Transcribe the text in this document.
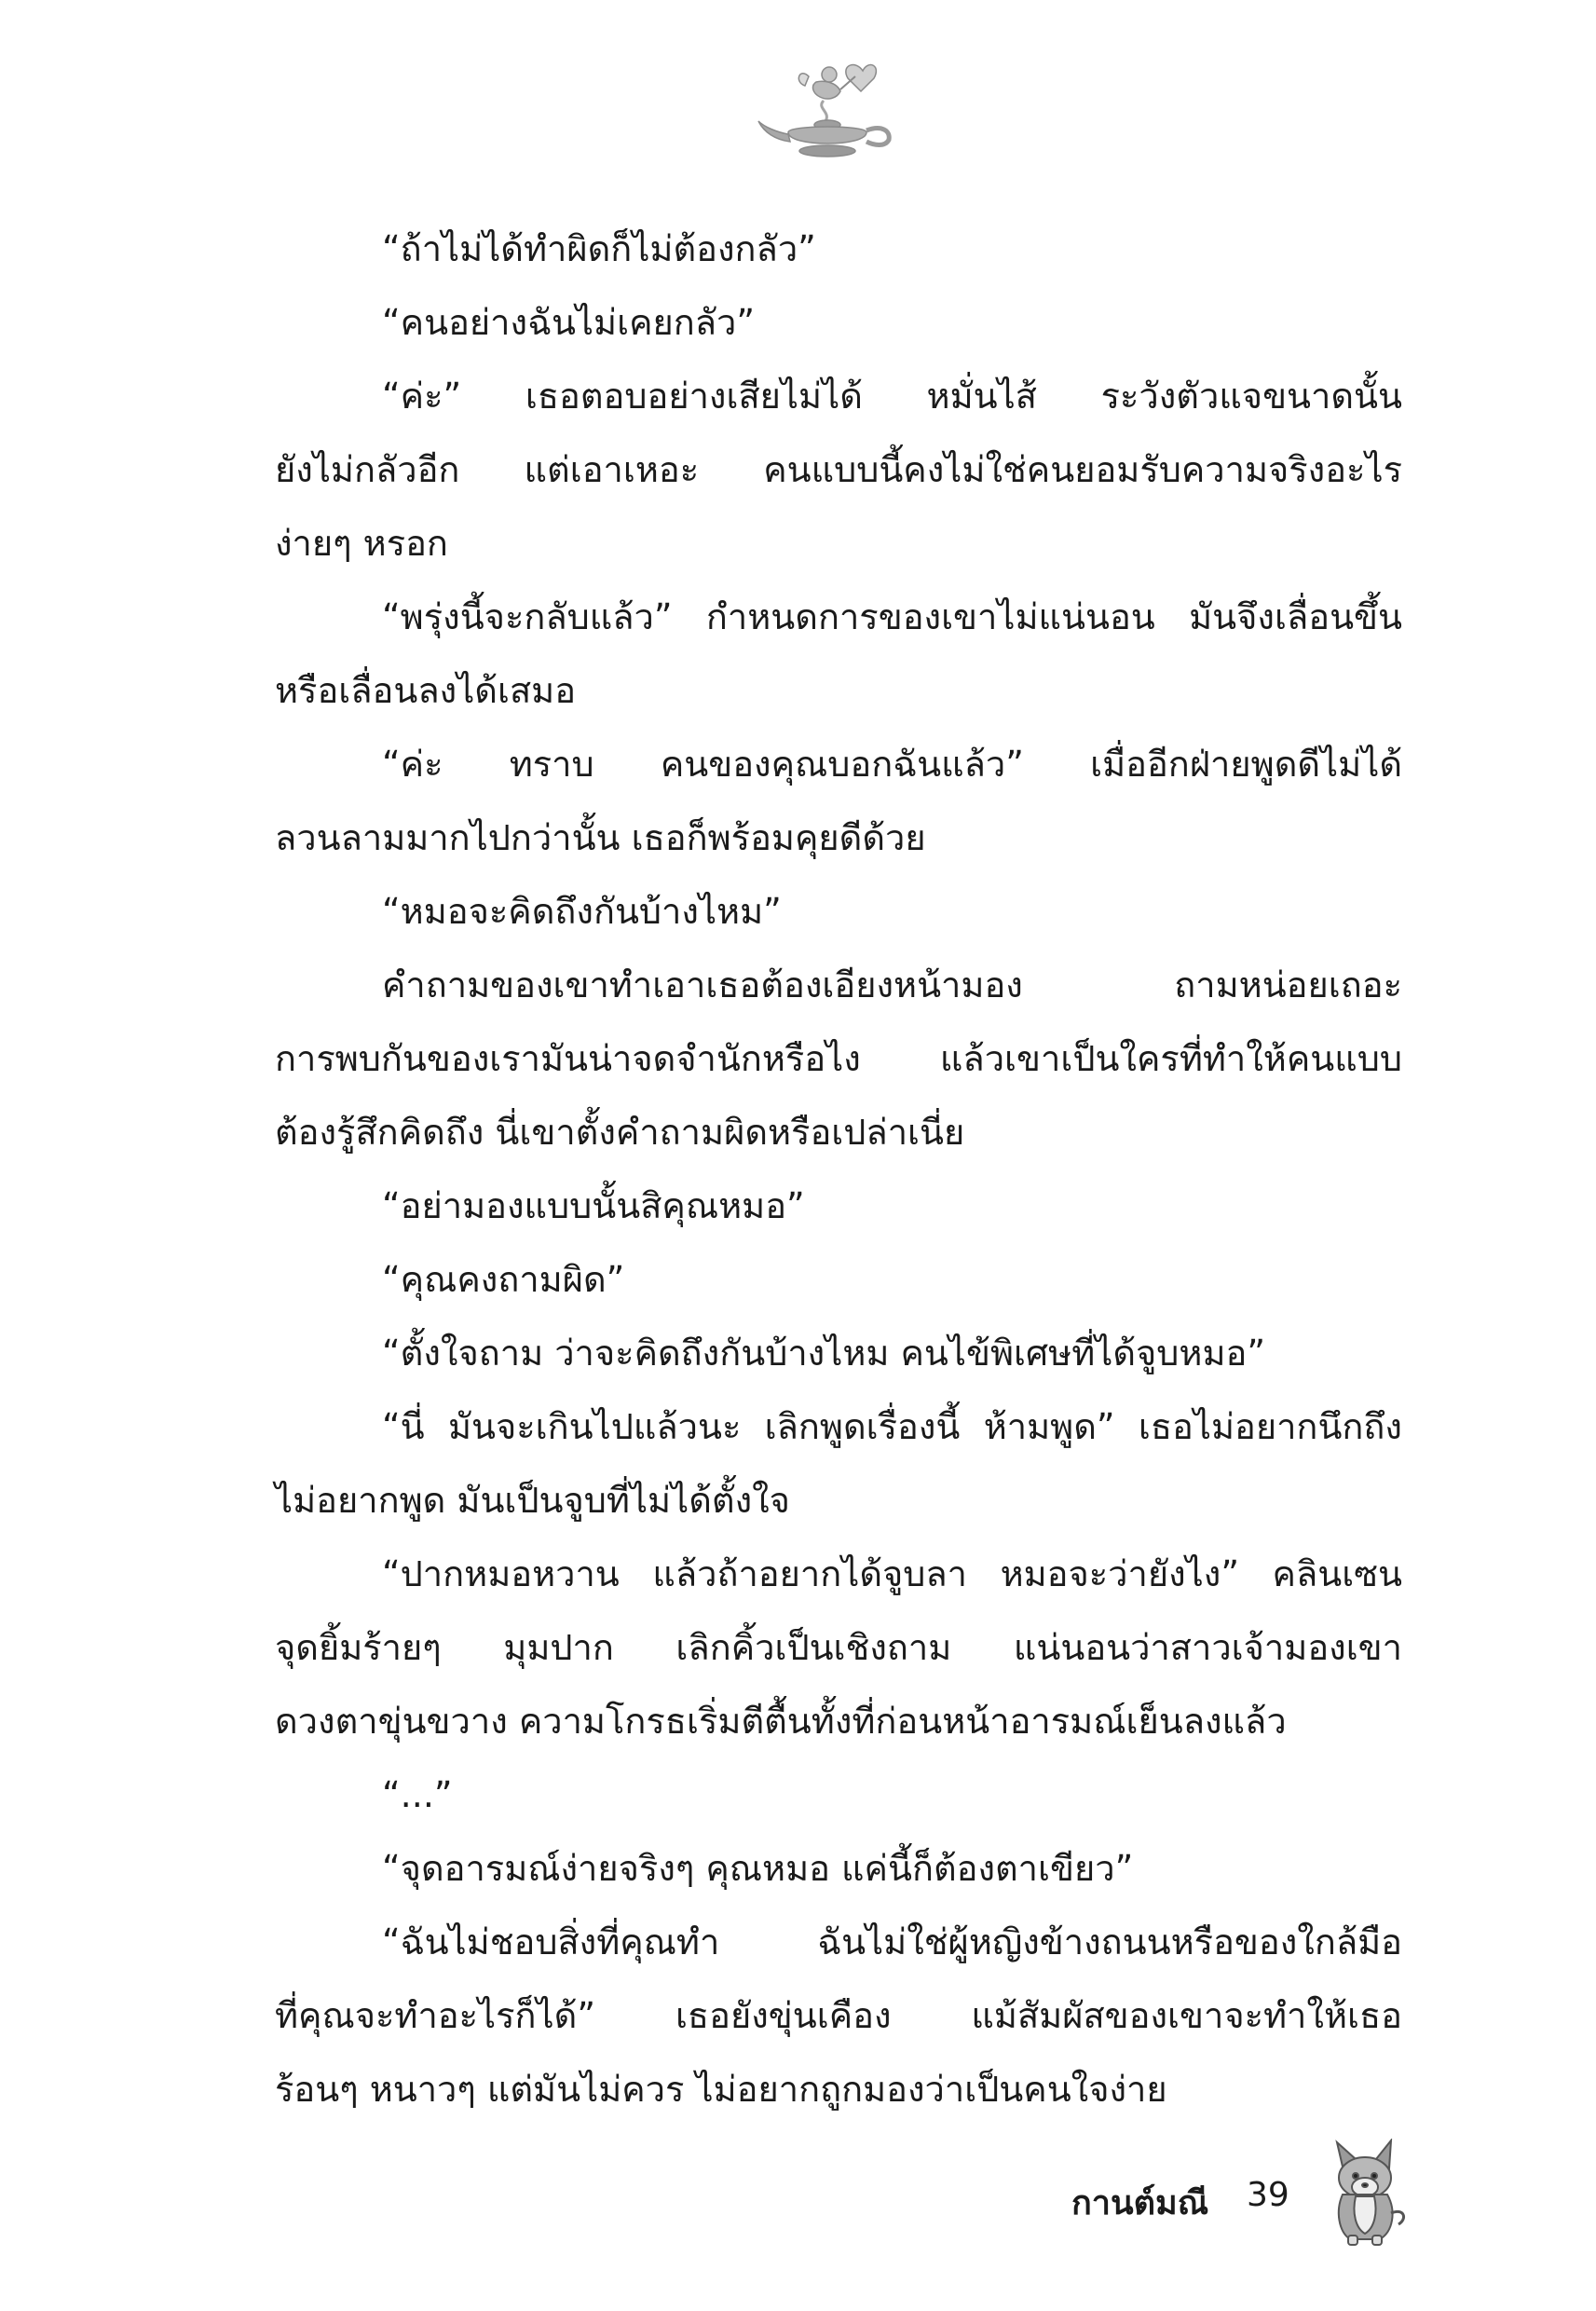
“ถ้าไม่ได้ทำผิดก็ไม่ต้องกลัว”
“คนอย่างฉันไม่เคยกลัว”
“ค่ะ” เธอตอบอย่างเสียไม่ได้ หมั่นไส้ ระวังตัวแจขนาดนั้น
ยังไม่กลัวอีก แต่เอาเหอะ คนแบบนี้คงไม่ใช่คนยอมรับความจริงอะไร
ง่ายๆ หรอก
“พรุ่งนี้จะกลับแล้ว” กำหนดการของเขาไม่แน่นอน มันจึงเลื่อนขึ้น
หรือเลื่อนลงได้เสมอ
“ค่ะ ทราบ คนของคุณบอกฉันแล้ว” เมื่ออีกฝ่ายพูดดีไม่ได้
ลวนลามมากไปกว่านั้น เธอก็พร้อมคุยดีด้วย
“หมอจะคิดถึงกันบ้างไหม”
คำถามของเขาทำเอาเธอต้องเอียงหน้ามอง ถามหน่อยเถอะ
การพบกันของเรามันน่าจดจำนักหรือไง แล้วเขาเป็นใครที่ทำให้คนแบบ
ต้องรู้สึกคิดถึง นี่เขาตั้งคำถามผิดหรือเปล่าเนี่ย
“อย่ามองแบบนั้นสิคุณหมอ”
“คุณคงถามผิด”
“ตั้งใจถาม ว่าจะคิดถึงกันบ้างไหม คนไข้พิเศษที่ได้จูบหมอ”
“นี่ มันจะเกินไปแล้วนะ เลิกพูดเรื่องนี้ ห้ามพูด” เธอไม่อยากนึกถึง
ไม่อยากพูด มันเป็นจูบที่ไม่ได้ตั้งใจ
“ปากหมอหวาน แล้วถ้าอยากได้จูบลา หมอจะว่ายังไง” คลินเซน
จุดยิ้มร้ายๆ มุมปาก เลิกคิ้วเป็นเชิงถาม แน่นอนว่าสาวเจ้ามองเขา
ดวงตาขุ่นขวาง ความโกรธเริ่มตีตื้นทั้งที่ก่อนหน้าอารมณ์เย็นลงแล้ว
“...”
“จุดอารมณ์ง่ายจริงๆ คุณหมอ แค่นี้ก็ต้องตาเขียว”
“ฉันไม่ชอบสิ่งที่คุณทำ ฉันไม่ใช่ผู้หญิงข้างถนนหรือของใกล้มือ
ที่คุณจะทำอะไรก็ได้” เธอยังขุ่นเคือง แม้สัมผัสของเขาจะทำให้เธอ
ร้อนๆ หนาวๆ แต่มันไม่ควร ไม่อยากถูกมองว่าเป็นคนใจง่าย
กานต์มณี 39
